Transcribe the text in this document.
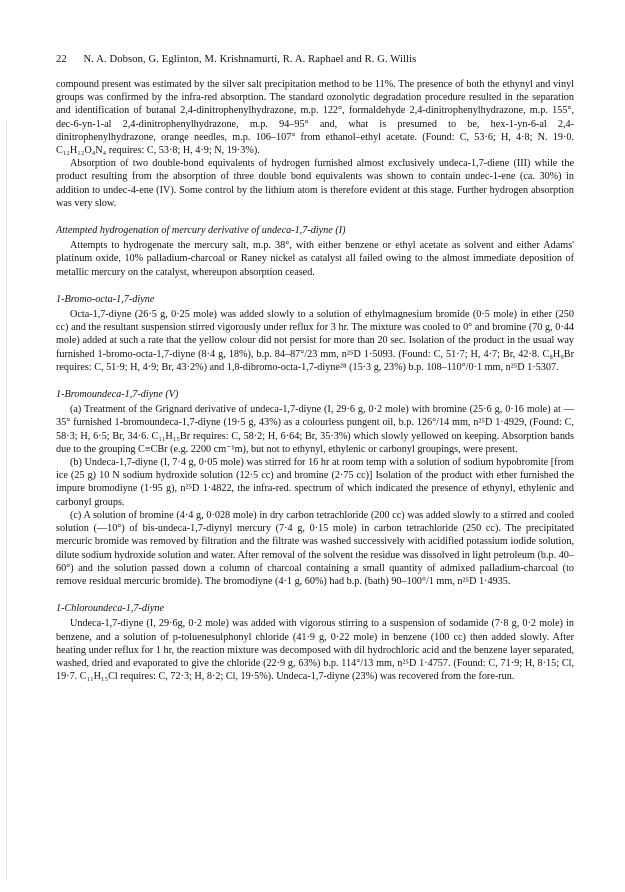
22 N. A. Dobson, G. Eglinton, M. Krishnamurti, R. A. Raphael and R. G. Willis

compound present was estimated by the silver salt precipitation method to be 11%. The presence of both the ethynyl and vinyl groups was confirmed by the infra-red absorption. The standard ozonolytic degradation procedure resulted in the separation and identification of butanal 2,4-dinitrophenylhydrazone, m.p. 122°, formaldehyde 2,4-dinitrophenylhydrazone, m.p. 155°, dec-6-yn-1-al 2,4-dinitrophenylhydrazone, m.p. 94–95° and, what is presumed to be, hex-1-yn-6-al 2,4-dinitrophenylhydrazone, orange needles, m.p. 106–107° from ethanol–ethyl acetate. (Found: C, 53·6; H, 4·8; N. 19·0. C₁₂H₁₂O₄N₄ requires: C, 53·8; H, 4·9; N, 19·3%).

Absorption of two double-bond equivalents of hydrogen furnished almost exclusively undeca-1,7-diene (III) while the product resulting from the absorption of three double bond equivalents was shown to contain undec-1-ene (ca. 30%) in addition to undec-4-ene (IV). Some control by the lithium atom is therefore evident at this stage. Further hydrogen absorption was very slow.

Attempted hydrogenation of mercury derivative of undeca-1,7-diyne (I)

Attempts to hydrogenate the mercury salt, m.p. 38°, with either benzene or ethyl acetate as solvent and either Adams' platinum oxide, 10% palladium-charcoal or Raney nickel as catalyst all failed owing to the almost immediate deposition of metallic mercury on the catalyst, whereupon absorption ceased.

1-Bromo-octa-1,7-diyne

Octa-1,7-diyne (26·5 g, 0·25 mole) was added slowly to a solution of ethylmagnesium bromide (0·5 mole) in ether (250 cc) and the resultant suspension stirred vigorously under reflux for 3 hr. The mixture was cooled to 0° and bromine (70 g, 0·44 mole) added at such a rate that the yellow colour did not persist for more than 20 sec. Isolation of the product in the usual way furnished 1-bromo-octa-1,7-diyne (8·4 g, 18%), b.p. 84–87°/23 mm, n²⁵D 1·5093. (Found: C, 51·7; H, 4·7; Br, 42·8. C₈H₉Br requires: C, 51·9; H, 4·9; Br, 43·2%) and 1,8-dibromo-octa-1,7-diyne²⁸ (15·3 g, 23%) b.p. 108–110°/0·1 mm, n²⁵D 1·5307.

1-Bromoundeca-1,7-diyne (V)

(a) Treatment of the Grignard derivative of undeca-1,7-diyne (I, 29·6 g, 0·2 mole) with bromine (25·6 g, 0·16 mole) at —35° furnished 1-bromoundeca-1,7-diyne (19·5 g, 43%) as a colourless pungent oil, b.p. 126°/14 mm, n²⁵D 1·4929, (Found: C, 58·3; H, 6·5; Br, 34·6. C₁₁H₁₅Br requires: C, 58·2; H, 6·64; Br, 35·3%) which slowly yellowed on keeping. Absorption bands due to the grouping C≡CBr (e.g. 2200 cm⁻¹m), but not to ethynyl, ethylenic or carbonyl groupings, were present.

(b) Undeca-1,7-diyne (I, 7·4 g, 0·05 mole) was stirred for 16 hr at room temp with a solution of sodium hypobromite [from ice (25 g) 10 N sodium hydroxide solution (12·5 cc) and bromine (2·75 cc)] Isolation of the product with ether furnished the impure bromodiyne (1·95 g), n²⁵D 1·4822, the infra-red. spectrum of which indicated the presence of ethynyl, ethylenic and carbonyl groups.

(c) A solution of bromine (4·4 g, 0·028 mole) in dry carbon tetrachloride (200 cc) was added slowly to a stirred and cooled solution (—10°) of bis-undeca-1,7-diynyl mercury (7·4 g, 0·15 mole) in carbon tetrachloride (250 cc). The precipitated mercuric bromide was removed by filtration and the filtrate was washed successively with acidified potassium iodide solution, dilute sodium hydroxide solution and water. After removal of the solvent the residue was dissolved in light petroleum (b.p. 40–60°) and the solution passed down a column of charcoal containing a small quantity of admixed palladium-charcoal (to remove residual mercuric bromide). The bromodiyne (4·1 g, 60%) had b.p. (bath) 90–100°/1 mm, n²⁵D 1·4935.

1-Chloroundeca-1,7-diyne

Undeca-1,7-diyne (I, 29·6g, 0·2 mole) was added with vigorous stirring to a suspension of sodamide (7·8 g, 0·2 mole) in benzene, and a solution of p-toluenesulphonyl chloride (41·9 g, 0·22 mole) in benzene (100 cc) then added slowly. After heating under reflux for 1 hr, the reaction mixture was decomposed with dil hydrochloric acid and the benzene layer separated, washed, dried and evaporated to give the chloride (22·9 g, 63%) b.p. 114°/13 mm, n²⁵D 1·4757. (Found: C, 71·9; H, 8·15; Cl, 19·7. C₁₁H₁₅Cl requires: C, 72·3; H, 8·2; Cl, 19·5%). Undeca-1,7-diyne (23%) was recovered from the fore-run.
